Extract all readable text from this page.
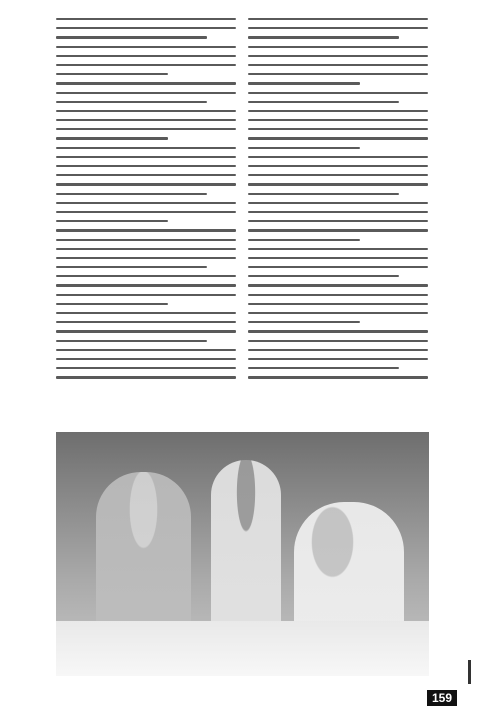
159
